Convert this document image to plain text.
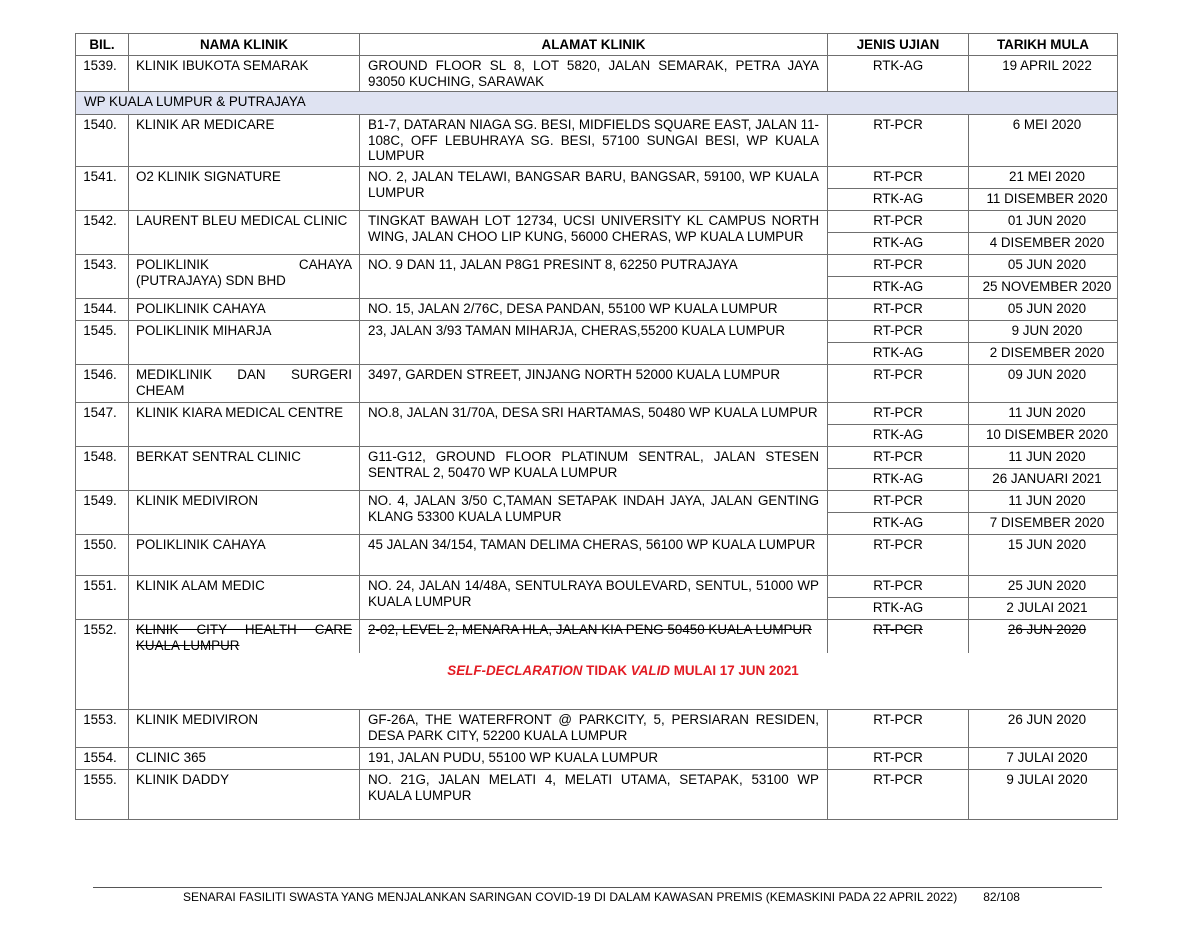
BIL.	NAMA KLINIK	ALAMAT KLINIK	JENIS UJIAN	TARIKH MULA
1539.	KLINIK IBUKOTA SEMARAK	GROUND FLOOR SL 8, LOT 5820, JALAN SEMARAK, PETRA JAYA 93050 KUCHING, SARAWAK	RTK-AG	19 APRIL 2022
WP KUALA LUMPUR & PUTRAJAYA				
1540.	KLINIK AR MEDICARE	B1-7, DATARAN NIAGA SG. BESI, MIDFIELDS SQUARE EAST, JALAN 11-108C, OFF LEBUHRAYA SG. BESI, 57100 SUNGAI BESI, WP KUALA LUMPUR	RT-PCR	6 MEI 2020
1541.	O2 KLINIK SIGNATURE	NO. 2, JALAN TELAWI, BANGSAR BARU, BANGSAR, 59100, WP KUALA LUMPUR	RT-PCR	21 MEI 2020
			RTK-AG	11 DISEMBER 2020
1542.	LAURENT BLEU MEDICAL CLINIC	TINGKAT BAWAH LOT 12734, UCSI UNIVERSITY KL CAMPUS NORTH WING, JALAN CHOO LIP KUNG, 56000 CHERAS, WP KUALA LUMPUR	RT-PCR	01 JUN 2020
			RTK-AG	4 DISEMBER 2020
1543.	POLIKLINIK CAHAYA (PUTRAJAYA) SDN BHD	NO. 9 DAN 11, JALAN P8G1 PRESINT 8, 62250 PUTRAJAYA	RT-PCR	05 JUN 2020
			RTK-AG	25 NOVEMBER 2020
1544.	POLIKLINIK CAHAYA	NO. 15, JALAN 2/76C, DESA PANDAN, 55100 WP KUALA LUMPUR	RT-PCR	05 JUN 2020
1545.	POLIKLINIK MIHARJA	23, JALAN 3/93 TAMAN MIHARJA, CHERAS,55200 KUALA LUMPUR	RT-PCR	9 JUN 2020
			RTK-AG	2 DISEMBER 2020
1546.	MEDIKLINIK DAN SURGERI CHEAM	3497, GARDEN STREET, JINJANG NORTH 52000 KUALA LUMPUR	RT-PCR	09 JUN 2020
1547.	KLINIK KIARA MEDICAL CENTRE	NO.8, JALAN 31/70A, DESA SRI HARTAMAS, 50480 WP KUALA LUMPUR	RT-PCR	11 JUN 2020
			RTK-AG	10 DISEMBER 2020
1548.	BERKAT SENTRAL CLINIC	G11-G12, GROUND FLOOR PLATINUM SENTRAL, JALAN STESEN SENTRAL 2, 50470 WP KUALA LUMPUR	RT-PCR	11 JUN 2020
			RTK-AG	26 JANUARI 2021
1549.	KLINIK MEDIVIRON	NO. 4, JALAN 3/50 C,TAMAN SETAPAK INDAH JAYA, JALAN GENTING KLANG 53300 KUALA LUMPUR	RT-PCR	11 JUN 2020
			RTK-AG	7 DISEMBER 2020
1550.	POLIKLINIK CAHAYA	45 JALAN 34/154, TAMAN DELIMA CHERAS, 56100 WP KUALA LUMPUR	RT-PCR	15 JUN 2020
1551.	KLINIK ALAM MEDIC	NO. 24, JALAN 14/48A, SENTULRAYA BOULEVARD, SENTUL, 51000 WP KUALA LUMPUR	RT-PCR	25 JUN 2020
			RTK-AG	2 JULAI 2021
1552.	KLINIK CITY HEALTH CARE KUALA LUMPUR	2-02, LEVEL 2, MENARA HLA, JALAN KIA PENG 50450 KUALA LUMPUR	RT-PCR	26 JUN 2020

	SELF-DECLARATION TIDAK VALID MULAI 17 JUN 2021			

1553.	KLINIK MEDIVIRON	GF-26A, THE WATERFRONT @ PARKCITY, 5, PERSIARAN RESIDEN, DESA PARK CITY, 52200 KUALA LUMPUR	RT-PCR	26 JUN 2020
1554.	CLINIC 365	191, JALAN PUDU, 55100 WP KUALA LUMPUR	RT-PCR	7 JULAI 2020
1555.	KLINIK DADDY	NO. 21G, JALAN MELATI 4, MELATI UTAMA, SETAPAK, 53100 WP KUALA LUMPUR	RT-PCR	9 JULAI 2020
SENARAI FASILITI SWASTA YANG MENJALANKAN SARINGAN COVID-19 DI DALAM KAWASAN PREMIS (KEMASKINI PADA 22 APRIL 2022) 82/108
